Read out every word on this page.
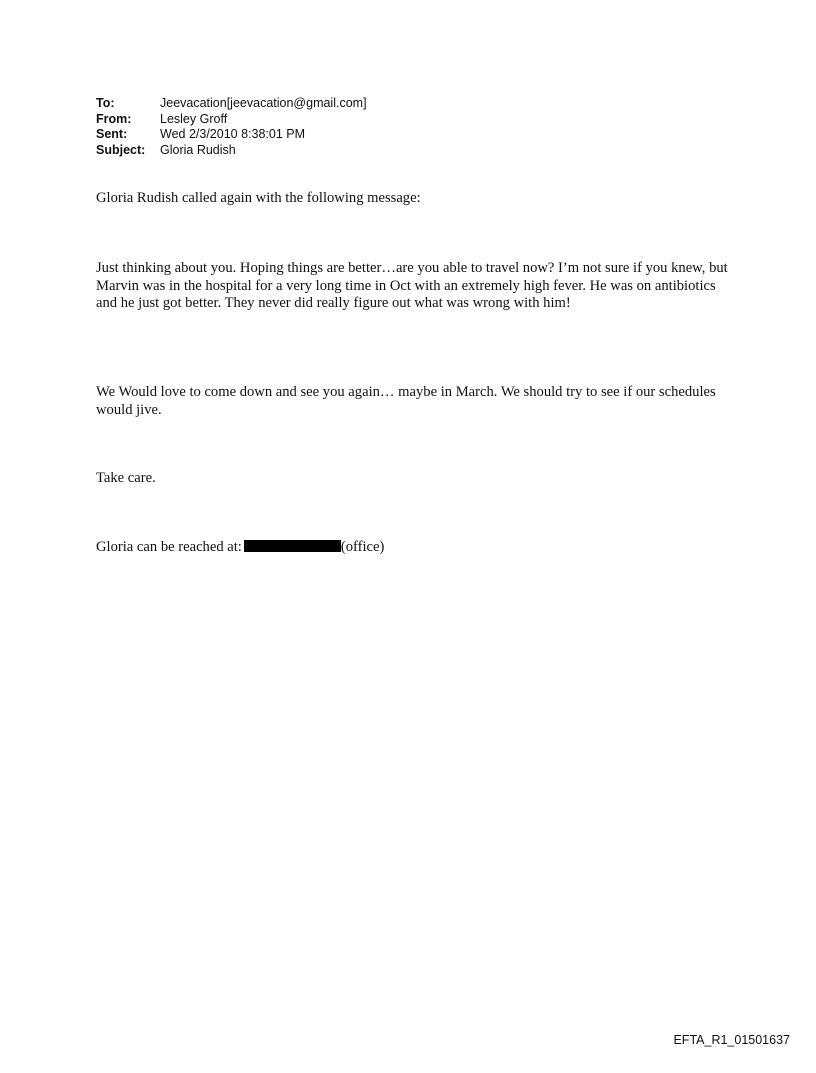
To:	Jeevacation[jeevacation@gmail.com]
From:	Lesley Groff
Sent:	Wed 2/3/2010 8:38:01 PM
Subject:	Gloria Rudish

Gloria Rudish called again with the following message:

Just thinking about you. Hoping things are better…are you able to travel now? I’m not sure if you knew, but Marvin was in the hospital for a very long time in Oct with an extremely high fever. He was on antibiotics and he just got better. They never did really figure out what was wrong with him!

We Would love to come down and see you again… maybe in March. We should try to see if our schedules would jive.

Take care.

Gloria can be reached at:	(office)

EFTA_R1_01501637
